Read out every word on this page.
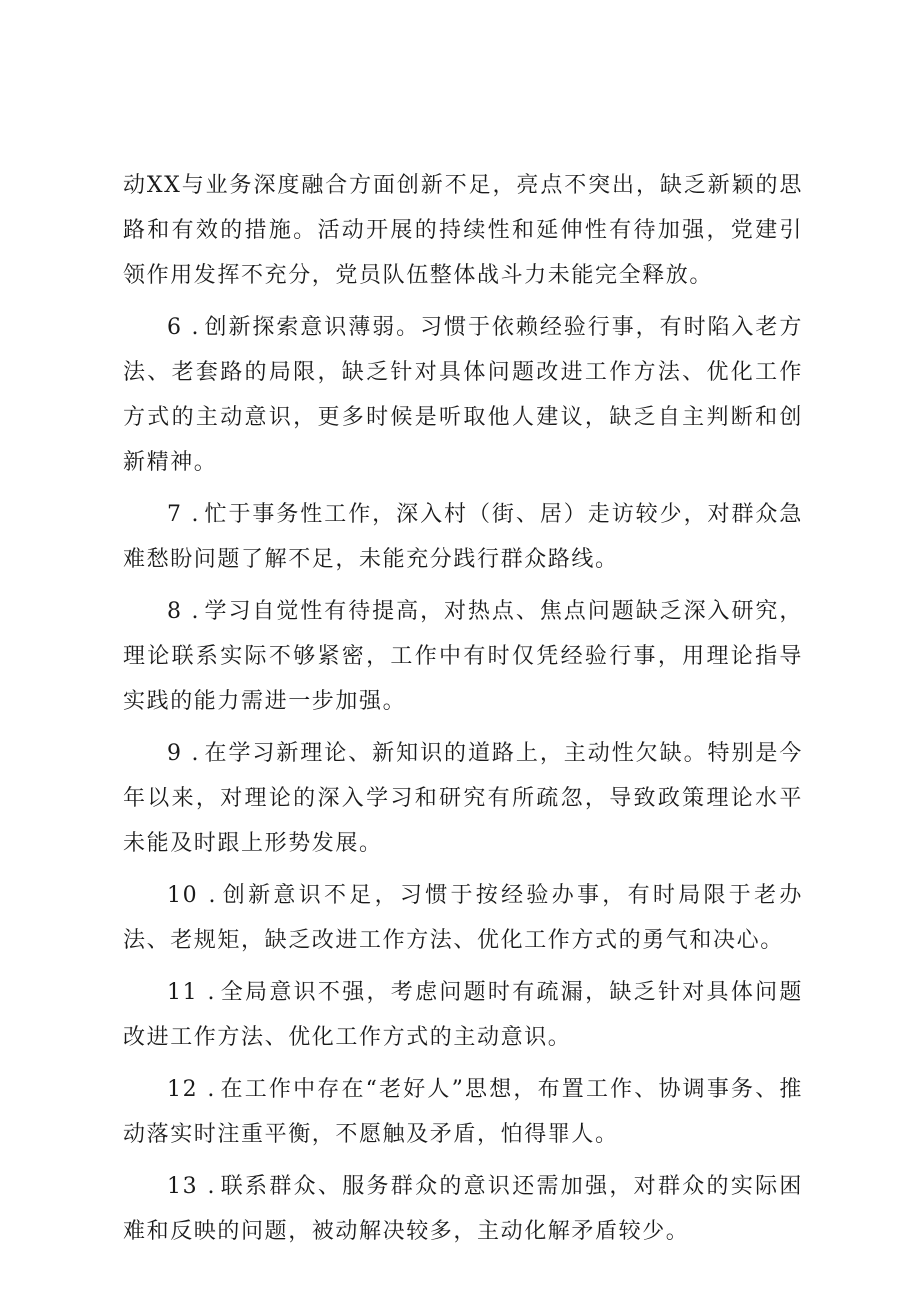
动XX与业务深度融合方面创新不足，亮点不突出，缺乏新颖的思路和有效的措施。活动开展的持续性和延伸性有待加强，党建引领作用发挥不充分，党员队伍整体战斗力未能完全释放。

6 . 创新探索意识薄弱。习惯于依赖经验行事，有时陷入老方法、老套路的局限，缺乏针对具体问题改进工作方法、优化工作方式的主动意识，更多时候是听取他人建议，缺乏自主判断和创新精神。

7 . 忙于事务性工作，深入村（街、居）走访较少，对群众急难愁盼问题了解不足，未能充分践行群众路线。

8 . 学习自觉性有待提高，对热点、焦点问题缺乏深入研究，理论联系实际不够紧密，工作中有时仅凭经验行事，用理论指导实践的能力需进一步加强。

9 . 在学习新理论、新知识的道路上，主动性欠缺。特别是今年以来，对理论的深入学习和研究有所疏忽，导致政策理论水平未能及时跟上形势发展。

10 . 创新意识不足，习惯于按经验办事，有时局限于老办法、老规矩，缺乏改进工作方法、优化工作方式的勇气和决心。

11 . 全局意识不强，考虑问题时有疏漏，缺乏针对具体问题改进工作方法、优化工作方式的主动意识。

12 . 在工作中存在“老好人”思想，布置工作、协调事务、推动落实时注重平衡，不愿触及矛盾，怕得罪人。

13 . 联系群众、服务群众的意识还需加强，对群众的实际困难和反映的问题，被动解决较多，主动化解矛盾较少。
